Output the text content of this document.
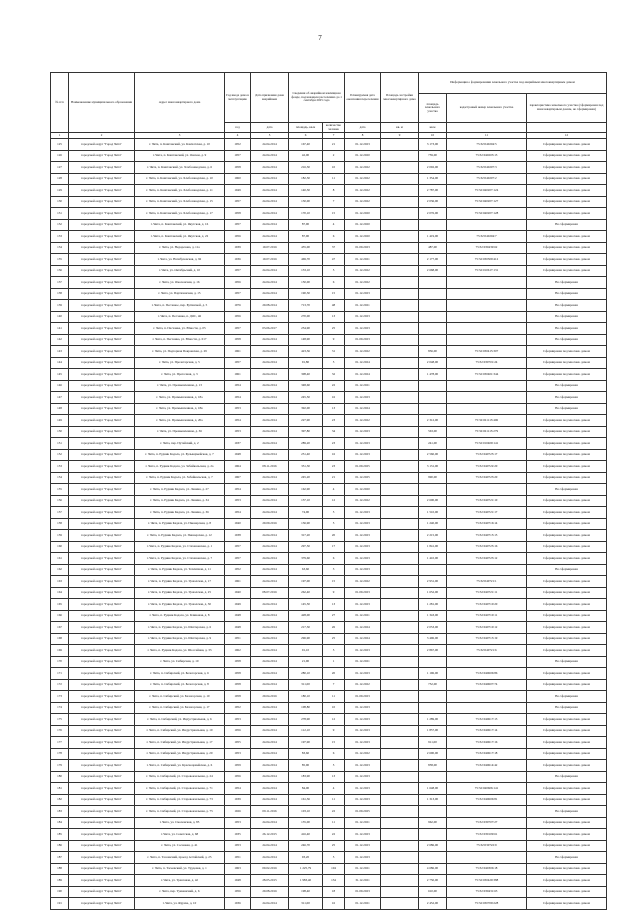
7
№ п/п	Наименование муниципального образования	Адрес многоквартирного дома	Год ввода дома в эксплуатацию	Дата признания дома аварийным	Сведения об аварийном жилищном фонде, подлежащем расселению до 1 сентября 2025 года		Планируемая дата окончания переселения	Площадь застройки многоквартирного дома	Информация о формировании земельного участка под аварийным многоквартирным домом		
									площадь земельного участка	кадастровый номер земельного участка	характеристика земельного участка (сформирован под многоквартирным домом, не сформирован)
			год	дата	площадь, кв.м	количество человек	дата	кв. м	кв.м		
1	2	3	4	5	6	7	8	9	10	11	12
125	городской округ "Город Чита"	г. Чита, п. Каштакский, ул. Камчатская, д. 10	1952	24.04.2014	167,40	21	01.12.2023		3 173,00	75:32:040204:5	Сформирован под многокв. домом
126	городской округ "Город Чита"	г. Чита, п. Каштакский, ул. Онохоя, д. 9	1957	24.04.2014	42,00	2	01.12.2020		759,00	75:32:040203:13	Сформирован под многокв. домом
127	городской округ "Город Чита"	г. Чита, п. Каштакский, ул. Хлебозаводская, д. 6	1958	24.04.2014	216,30	10	01.12.2022		2 092,00	75:32:040207:3	Сформирован под многокв. домом
128	городской округ "Город Чита"	г. Чита, п. Каштакский, ул. Хлебозаводская, д. 10	1960	24.04.2014	182,30	11	01.12.2022		1 354,00	75:32:040207:2	Сформирован под многокв. домом
129	городской округ "Город Чита"	г. Чита, п. Каштакский, ул. Хлебозаводская, д. 11	1949	24.04.2014	140,30	8	01.12.2022		2 787,00	75:32:040207:124	Сформирован под многокв. домом
130	городской округ "Город Чита"	г. Чита, п. Каштакский, ул. Хлебозаводская, д. 15	1957	24.04.2014	130,00	7	01.12.2022		2 036,00	75:32:040207:127	Сформирован под многокв. домом
131	городской округ "Город Чита"	г. Чита, п. Каштакский, ул. Хлебозаводская, д. 17	1958	24.04.2014	170,10	15	01.12.2020		2 076,00	75:32:040207:128	Сформирован под многокв. домом
132	городской округ "Город Чита"	г. Чита, п. Каштакский, ул. Якутская, д. 16	1957	24.04.2014	87,90	4	01.12.2020				Не сформирован
133	городской округ "Город Чита"	г. Чита, п. Каштакский, ул. Якутская, д. 22	1956	24.04.2014	87,90	6	01.12.2020		1 419,00	75:32:040204:7	Сформирован под многокв. домом
134	городской округ "Город Чита"	г. Чита, ул. Недорезова, д. 11а	1939	19.07.2016	455,00	37	01.09.2023		487,00	75:32:030439:62	Сформирован под многокв. домом
135	городской округ "Город Чита"	г. Чита, ул. Нагибуловская, д. 92	1936	19.07.2016	469,70	47	01.12.2021		2 177,00	75:32:030309:412	Сформирован под многокв. домом
136	городской округ "Город Чита"	г. Чита, ул. Октябрьский, д. 10	1957	24.04.2014	133,10	5	01.12.2022		2 668,00	75:32:010617:131	Сформирован под многокв. домом
137	городской округ "Город Чита"	г. Чита, ул. Омолонская, д. 16	1956	24.04.2014	150,00	6	01.12.2022				Не сформирован
138	городской округ "Город Чита"	г. Чита, ул. Партизанская, д. 15	1957	24.04.2014	190,30	15	01.12.2023				Не сформирован
139	городской округ "Город Чита"	г. Чита, п. Песчаное, пер. Бутинской, д. 5	1976	29.08.2014	713,70	48	01.12.2021				Не сформирован
140	городской округ "Город Чита"	г. Чита, п. Песчанка, п. ДОС, 46	1956	24.04.2014	270,00	13	01.12.2023				Не сформирован
141	городской округ "Город Чита"	г. Чита, п. Песчанка, ул. Юности, д. 05	1957	03.06.2017	254,90	25	01.12.2023				Не сформирован
142	городской округ "Город Чита"	г. Чита, п. Песчанка, ул. Юности, д. 017	1958	24.04.2014	148,90	9	01.09.2023				Не сформирован
143	городской округ "Город Чита"	г. Чита, ул. Подгорная Покровская, д. 29	1961	24.04.2014	423,36	31	01.12.2022		836,00	75:32:030415:307	Сформирован под многокв. домом
144	городской округ "Город Чита"	г. Чита, ул. Пролетарская, д. 5	1957	24.04.2014	91,80	5	01.12.2024		2 048,00	75:32:030701:24	Сформирован под многокв. домом
145	городской округ "Город Чита"	г. Чита, ул. Проточная, д. 3	1961	24.04.2014	308,40	32	01.12.2024		1 478,00	75:32:030401:344	Сформирован под многокв. домом
146	городской округ "Город Чита"	г. Чита, ул. Промышленная, д. 13	1954	24.04.2014	348,60	22	01.12.2021				Не сформирован
147	городской округ "Город Чита"	г. Чита, ул. Промышленная, д. 18а	1954	24.04.2014	245,50	16	01.12.2023				Не сформирован
148	городской округ "Город Чита"	г. Чита, ул. Промышленная, д. 18в	1953	24.04.2014	392,00	13	01.12.2024				Не сформирован
149	городской округ "Город Чита"	г. Чита, ул. Промышленная, д. 20а	1954	24.04.2014	227,90	23	01.12.2022		2 312,00	75:32:021113:406	Сформирован под многокв. домом
150	городской округ "Город Чита"	г. Чита, ул. Промышленная, д. 36	1953	24.04.2014	397,80	34	01.12.2023		563,00	75:32:021115:279	Сформирован под многокв. домом
151	городской округ "Город Чита"	г. Чита, пер. Путейский, д. 2	1937	24.04.2014	289,20	23	01.12.2023		241,00	75:32:010409:141	Сформирован под многокв. домом
152	городской округ "Город Чита"	г. Чита, п. Рудник Кадала, ул. Бульвармейская, д. 7	1948	24.04.2014	251,40	16	01.12.2023		2 560,00	75:32:040725:17	Сформирован под многокв. домом
153	городской округ "Город Чита"	г. Чита, п. Рудник Кадала, ул. Забайкальская, д. 2а	1964	08.11.2016	351,30	23	01.09.2025		3 131,00	75:32:040722:20	Сформирован под многокв. домом
154	городской округ "Город Чита"	г. Чита, п. Рудник Кадала, ул. Забайкальская, д. 7	1967	24.04.2014	245,20	21	01.12.2025		990,00	75:32:040723:20	Сформирован под многокв. домом
155	городской округ "Город Чита"	г. Чита, п. Рудник Кадала, ул. Ленина, д. 27	1954	24.04.2014	162,90	4	01.12.2020				Не сформирован
156	городской округ "Город Чита"	г. Чита, п. Рудник Кадала, ул. Ленина, д. 34	1953	24.04.2014	137,10	12	01.12.2022		2 600,00	75:32:040721:10	Сформирован под многокв. домом
157	городской округ "Город Чита"	г. Чита, п. Рудник Кадала, ул. Ленина, д. 36	1954	24.04.2014	74,90	5	01.12.2023		1 510,00	75:32:040721:17	Сформирован под многокв. домом
158	городской округ "Город Чита"	г. Чита, п. Рудник Кадала, ул. Пионерская, д. 8	1940	29.09.2016	136,90	5	01.12.2023		1 240,00	75:32:040716:14	Сформирован под многокв. домом
159	городской округ "Город Чита"	г. Чита, п. Рудник Кадала, ул. Пионерская, д. 12	1938	24.04.2014	317,20	20	01.12.2023		2 215,00	75:32:040715:15	Сформирован под многокв. домом
160	городской округ "Город Чита"	г. Чита, п. Рудник Кадала, ул. Стахановская, д. 1	1957	24.04.2014	297,50	17	01.12.2023		1 841,00	75:32:040725:16	Сформирован под многокв. домом
161	городской округ "Город Чита"	г. Чита, п. Рудник Кадала, ул. Стахановская, д. 7	1957	24.04.2014	379,60	6	01.12.2023		1 410,00	75:32:040723:12	Сформирован под многокв. домом
162	городской округ "Город Чита"	г. Чита, п. Рудник Кадала, ул. Тепличная, д. 11	1952	24.04.2014	63,60	3	01.12.2023				Не сформирован
163	городской округ "Город Чита"	г. Чита, п. Рудник Кадала, ул. Уржалская, д. 17	1961	24.04.2014	197,00	15	01.12.2022		2 931,00	75:32:040721:1	Сформирован под многокв. домом
164	городской округ "Город Чита"	г. Чита, п. Рудник Кадала, ул. Уржалская, д. 25	1940	08.07.2016	262,40	9	01.09.2023		1 652,00	75:32:040721:11	Сформирован под многокв. домом
165	городской округ "Город Чита"	г. Чита, п. Рудник Кадала, ул. Уржалская, д. 30	1949	24.04.2014	145,50	13	01.12.2023		1 281,00	75:32:040710:20	Сформирован под многокв. домом
166	городской округ "Город Чита"	г. Чита, п. Рудник Кадала, ул. Клиновая, д. 8	1948	24.04.2014	428,00	27	01.12.2021		1 343,00	75:32:040710:11	Сформирован под многокв. домом
167	городской округ "Город Чита"	г. Чита, п. Рудник Кадала, ул. Шахтерская, д. 6	1948	24.04.2014	217,30	26	01.12.2024		2 053,00	75:32:040710:12	Сформирован под многокв. домом
168	городской округ "Город Чита"	г. Чита, п. Рудник Кадала, ул. Шахтерская, д. 9	1951	24.04.2014	296,90	25	01.12.2024		3 496,00	75:32:040713:19	Сформирован под многокв. домом
169	городской округ "Город Чита"	г. Чита, п. Рудник Кадала, ул. Шоссейная, д. 33	1962	24.04.2014	91,10	5	01.12.2023		2 867,00	75:32:040721:6	Сформирован под многокв. домом
170	городской округ "Город Чита"	г. Чита, ул. Сибирская, д. 10	1958	24.04.2014	21,90	1	01.12.2021				Не сформирован
171	городской округ "Город Чита"	г. Чита, п. Сибирский, ул. Белогорская, д. 6	1958	24.04.2014	280,10	20	01.12.2023		1 196,00	75:32:040606:86	Сформирован под многокв. домом
172	городской округ "Город Чита"	г. Чита, п. Сибирский, ул. Белогорская, д. 8	1958	24.04.2014	311,00	7	01.12.2022		752,00	75:32:040607:74	Сформирован под многокв. домом
173	городской округ "Город Чита"	г. Чита, п. Сибирский, ул. Белогорская, д. 10	1958	29.04.2016	180,10	11	01.09.2023				Не сформирован
174	городской округ "Город Чита"	г. Чита, п. Сибирский, ул. Белогорская, д. 17	1952	24.04.2014	108,80	10	01.12.2023				Не сформирован
175	городской округ "Город Чита"	г. Чита, п. Сибирский, ул. Индустриальная, д. 6	1953	24.04.2014	278,90	12	01.12.2023		1 289,00	75:32:040617:13	Сформирован под многокв. домом
176	городской округ "Город Чита"	г. Чита, п. Сибирский, ул. Индустриальная, д. 10	1956	24.04.2014	112,10	9	01.12.2023		1 857,00	75:32:040617:14	Сформирован под многокв. домом
177	городской округ "Город Чита"	г. Чита, п. Сибирский, ул. Индустриальная, д. 17	1955	24.04.2014	197,90	15	01.12.2023		911,00	75:32:040617:16	Сформирован под многокв. домом
178	городской округ "Город Чита"	г. Чита, п. Сибирский, ул. Индустриальная, д. 20	1953	24.04.2014	83,60	6	01.12.2022		2 690,00	75:32:040617:18	Сформирован под многокв. домом
179	городской округ "Город Чита"	г. Чита, п. Сибирский, ул. Красноармейская, д. 6	1959	24.04.2014	85,90	5	01.12.2023		858,00	75:32:040614:42	Сформирован под многокв. домом
180	городской округ "Город Чита"	г. Чита, п. Сибирский, ул. Старовокзальная, д. 24	1956	24.04.2014	183,90	13	01.12.2023				Не сформирован
181	городской округ "Город Чита"	г. Чита, п. Сибирский, ул. Старовокзальная, д. 71	1954	24.04.2014	84,00	4	01.12.2023		1 648,00	75:32:040606:141	Сформирован под многокв. домом
182	городской округ "Город Чита"	г. Чита, п. Сибирский, ул. Старовокзальная, д. 73	1939	24.04.2014	161,36	11	01.12.2023		1 313,00	75:32:040606:81	Сформирован под многокв. домом
183	городской округ "Город Чита"	г. Чита, п. Сибирский, ул. Старовокзальная, д. 75	1926	09.11.2016	103,10	22	01.09.2025				Не сформирован
184	городской округ "Город Чита"	г. Чита, ул. Смоленская, д. 85	1953	24.04.2014	135,00	11	01.12.2021		962,00	75:32:030707:27	Сформирован под многокв. домом
185	городской округ "Город Чита"	г. Чита, ул. Советская, д. 68	1935	26.12.2015	416,40	22	01.12.2023			75:32:030109:61	Сформирован под многокв. домом
186	городской округ "Город Чита"	г. Чита, ул. Сосновая, д. 41	1953	24.04.2014	246,70	25	01.12.2023		2 686,00	75:32:030722:9	Сформирован под многокв. домом
187	городской округ "Город Чита"	г. Чита, п. Тасеевский, проезд Алтайский, д. 25	1951	24.04.2014	93,20	5	01.12.2023				Не сформирован
188	городской округ "Город Чита"	г. Чита, п. Тасеевский, ул. Трудовая, д. 1	1963	09.02.2016	1 225,79	104	01.12.2021		4 686,00	75:32:040306:18	Сформирован под многокв. домом
189	городской округ "Город Чита"	г. Чита, ул. Трактовая, д. 42	1948	28.05.2015	1 983,40	134	31.12.2021		2 750,00	75:32:030429:388	Сформирован под многокв. домом
190	городской округ "Город Чита"	г. Чита, пер. Тукманский, д. 6	1956	29.08.2016	198,40	18	01.09.2023		610,00	75:32:030431:63	Сформирован под многокв. домом
191	городской округ "Город Чита"	г. Чита, ул. Фрунзе, д. 10	1936	24.04.2014	311,00	16	01.12.2021		2 452,00	75:32:030709:228	Сформирован под многокв. домом
